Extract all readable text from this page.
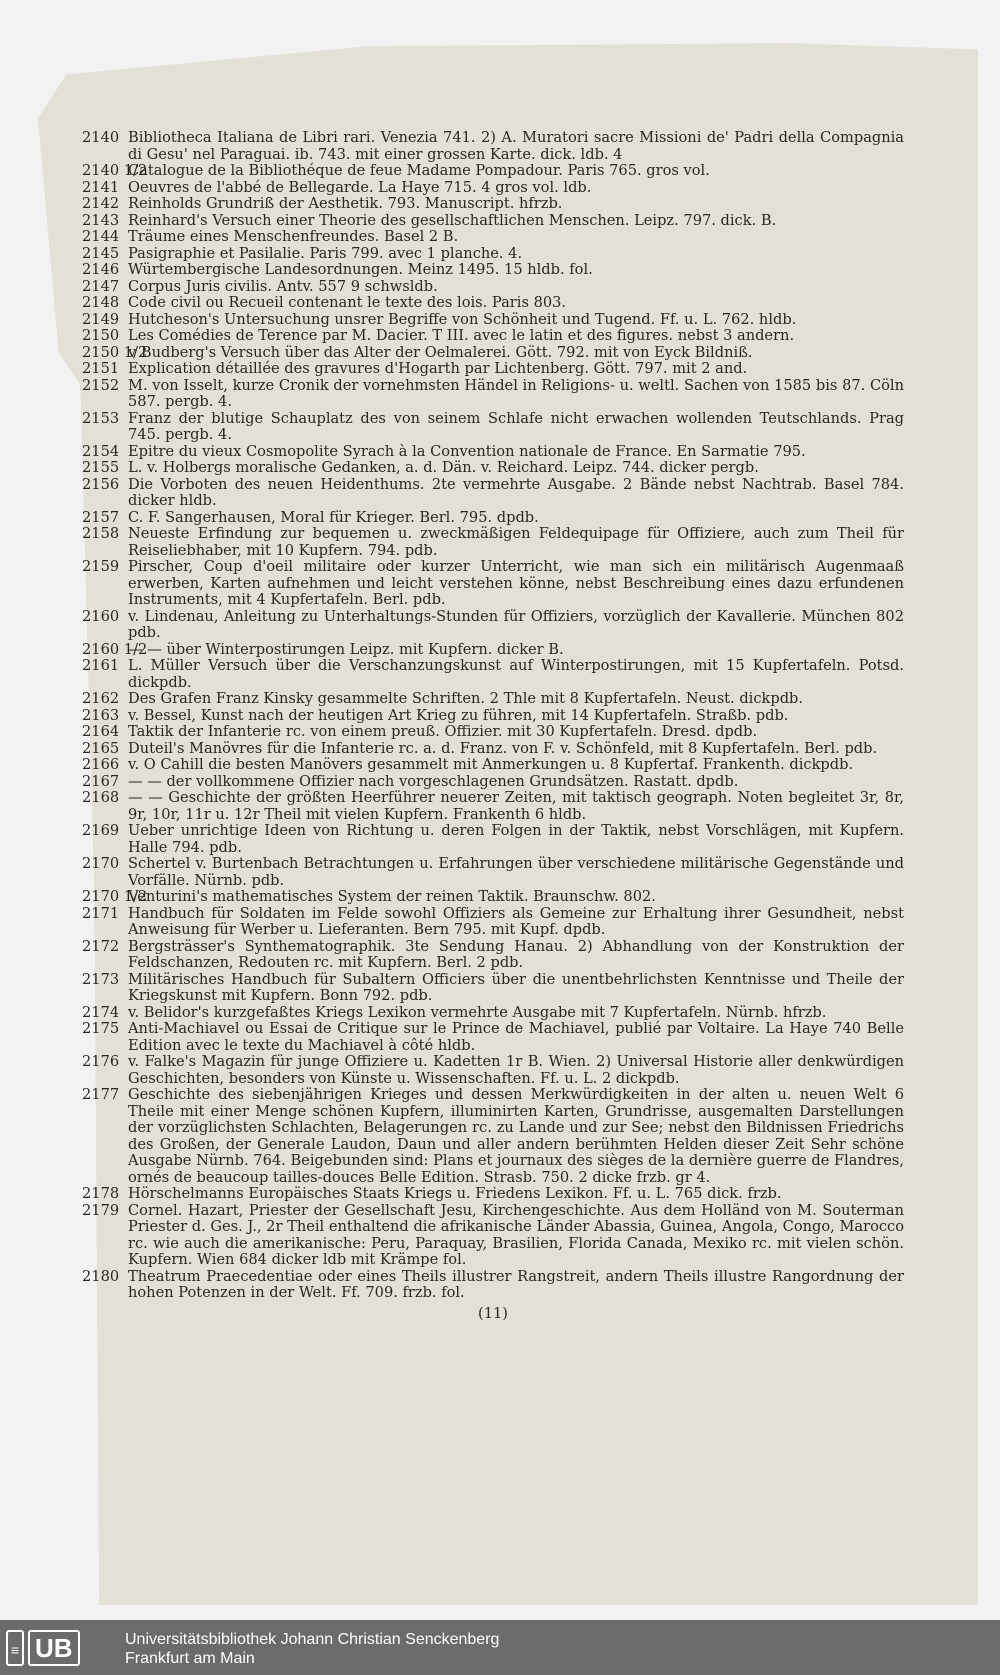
2140 Bibliotheca Italiana de Libri rari. Venezia 741. 2) A. Muratori sacre Missioni de' Padri della Compagnia di Gesu' nel Paraguai. ib. 743. mit einer grossen Karte. dick. ldb. 4
2140 1/2
Catalogue de la Bibliothéque de feue Madame Pompadour. Paris 765. gros vol.
2141 Oeuvres de l'abbé de Bellegarde. La Haye 715. 4 gros vol. ldb.
2142 Reinholds Grundriß der Aesthetik. 793. Manuscript. hfrzb.
2143 Reinhard's Versuch einer Theorie des gesellschaftlichen Menschen. Leipz. 797. dick. B.
2144 Träume eines Menschenfreundes. Basel 2 B.
2145 Pasigraphie et Pasilalie. Paris 799. avec 1 planche. 4.
2146 Würtembergische Landesordnungen. Meinz 1495. 15 hldb. fol.
2147 Corpus Juris civilis. Antv. 557 9 schwsldb.
2148 Code civil ou Recueil contenant le texte des lois. Paris 803.
2149 Hutcheson's Untersuchung unsrer Begriffe von Schönheit und Tugend. Ff. u. L. 762. hldb.
2150 Les Comédies de Terence par M. Dacier. T III. avec le latin et des figures. nebst 3 andern.
2150 1/2
v Budberg's Versuch über das Alter der Oelmalerei. Gött. 792. mit von Eyck Bildniß.
2151 Explication détaillée des gravures d'Hogarth par Lichtenberg. Gött. 797. mit 2 and.
2152 M. von Isselt, kurze Cronik der vornehmsten Händel in Religions- u. weltl. Sachen von 1585 bis 87. Cöln 587. pergb. 4.
2153 Franz der blutige Schauplatz des von seinem Schlafe nicht erwachen wollenden Teutschlands. Prag 745. pergb. 4.
2154 Epitre du vieux Cosmopolite Syrach à la Convention nationale de France. En Sarmatie 795.
2155 L. v. Holbergs moralische Gedanken, a. d. Dän. v. Reichard. Leipz. 744. dicker pergb.
2156 Die Vorboten des neuen Heidenthums. 2te vermehrte Ausgabe. 2 Bände nebst Nachtrab. Basel 784. dicker hldb.
2157 C. F. Sangerhausen, Moral für Krieger. Berl. 795. dpdb.
2158 Neueste Erfindung zur bequemen u. zweckmäßigen Feldequipage für Offiziere, auch zum Theil für Reiseliebhaber, mit 10 Kupfern. 794. pdb.
2159 Pirscher, Coup d'oeil militaire oder kurzer Unterricht, wie man sich ein militärisch Augenmaaß erwerben, Karten aufnehmen und leicht verstehen könne, nebst Beschreibung eines dazu erfundenen Instruments, mit 4 Kupfertafeln. Berl. pdb.
2160 v. Lindenau, Anleitung zu Unterhaltungs-Stunden für Offiziers, vorzüglich der Kavallerie. München 802 pdb.
2160 1/2
— — über Winterpostirungen Leipz. mit Kupfern. dicker B.
2161 L. Müller Versuch über die Verschanzungskunst auf Winterpostirungen, mit 15 Kupfertafeln. Potsd. dickpdb.
2162 Des Grafen Franz Kinsky gesammelte Schriften. 2 Thle mit 8 Kupfertafeln. Neust. dickpdb.
2163 v. Bessel, Kunst nach der heutigen Art Krieg zu führen, mit 14 Kupfertafeln. Straßb. pdb.
2164 Taktik der Infanterie rc. von einem preuß. Offizier. mit 30 Kupfertafeln. Dresd. dpdb.
2165 Duteil's Manövres für die Infanterie rc. a. d. Franz. von F. v. Schönfeld, mit 8 Kupfertafeln. Berl. pdb.
2166 v. O Cahill die besten Manövers gesammelt mit Anmerkungen u. 8 Kupfertaf. Frankenth. dickpdb.
2167 — — der vollkommene Offizier nach vorgeschlagenen Grundsätzen. Rastatt. dpdb.
2168 — — Geschichte der größten Heerführer neuerer Zeiten, mit taktisch geograph. Noten begleitet 3r, 8r, 9r, 10r, 11r u. 12r Theil mit vielen Kupfern. Frankenth 6 hldb.
2169 Ueber unrichtige Ideen von Richtung u. deren Folgen in der Taktik, nebst Vorschlägen, mit Kupfern. Halle 794. pdb.
2170 Schertel v. Burtenbach Betrachtungen u. Erfahrungen über verschiedene militärische Gegenstände und Vorfälle. Nürnb. pdb.
2170 1/2
Venturini's mathematisches System der reinen Taktik. Braunschw. 802.
2171 Handbuch für Soldaten im Felde sowohl Offiziers als Gemeine zur Erhaltung ihrer Gesundheit, nebst Anweisung für Werber u. Lieferanten. Bern 795. mit Kupf. dpdb.
2172 Bergsträsser's Synthematographik. 3te Sendung Hanau. 2) Abhandlung von der Konstruktion der Feldschanzen, Redouten rc. mit Kupfern. Berl. 2 pdb.
2173 Militärisches Handbuch für Subaltern Officiers über die unentbehrlichsten Kenntnisse und Theile der Kriegskunst mit Kupfern. Bonn 792. pdb.
2174 v. Belidor's kurzgefaßtes Kriegs Lexikon vermehrte Ausgabe mit 7 Kupfertafeln. Nürnb. hfrzb.
2175 Anti-Machiavel ou Essai de Critique sur le Prince de Machiavel, publié par Voltaire. La Haye 740 Belle Edition avec le texte du Machiavel à côté hldb.
2176 v. Falke's Magazin für junge Offiziere u. Kadetten 1r B. Wien. 2) Universal Historie aller denkwürdigen Geschichten, besonders von Künste u. Wissenschaften. Ff. u. L. 2 dickpdb.
2177 Geschichte des siebenjährigen Krieges und dessen Merkwürdigkeiten in der alten u. neuen Welt 6 Theile mit einer Menge schönen Kupfern, illuminirten Karten, Grundrisse, ausgemalten Darstellungen der vorzüglichsten Schlachten, Belagerungen rc. zu Lande und zur See; nebst den Bildnissen Friedrichs des Großen, der Generale Laudon, Daun und aller andern berühmten Helden dieser Zeit Sehr schöne Ausgabe Nürnb. 764. Beigebunden sind: Plans et journaux des sièges de la dernière guerre de Flandres, ornés de beaucoup tailles-douces Belle Edition. Strasb. 750. 2 dicke frzb. gr 4.
2178 Hörschelmanns Europäisches Staats Kriegs u. Friedens Lexikon. Ff. u. L. 765 dick. frzb.
2179 Cornel. Hazart, Priester der Gesellschaft Jesu, Kirchengeschichte. Aus dem Holländ von M. Souterman Priester d. Ges. J., 2r Theil enthaltend die afrikanische Länder Abassia, Guinea, Angola, Congo, Marocco rc. wie auch die amerikanische: Peru, Paraquay, Brasilien, Florida Canada, Mexiko rc. mit vielen schön. Kupfern. Wien 684 dicker ldb mit Krämpe fol.
2180 Theatrum Praecedentiae oder eines Theils illustrer Rangstreit, andern Theils illustre Rangordnung der hohen Potenzen in der Welt. Ff. 709. frzb. fol.
(11)
≡ UB	Universitätsbibliothek Johann Christian Senckenberg
Frankfurt am Main
